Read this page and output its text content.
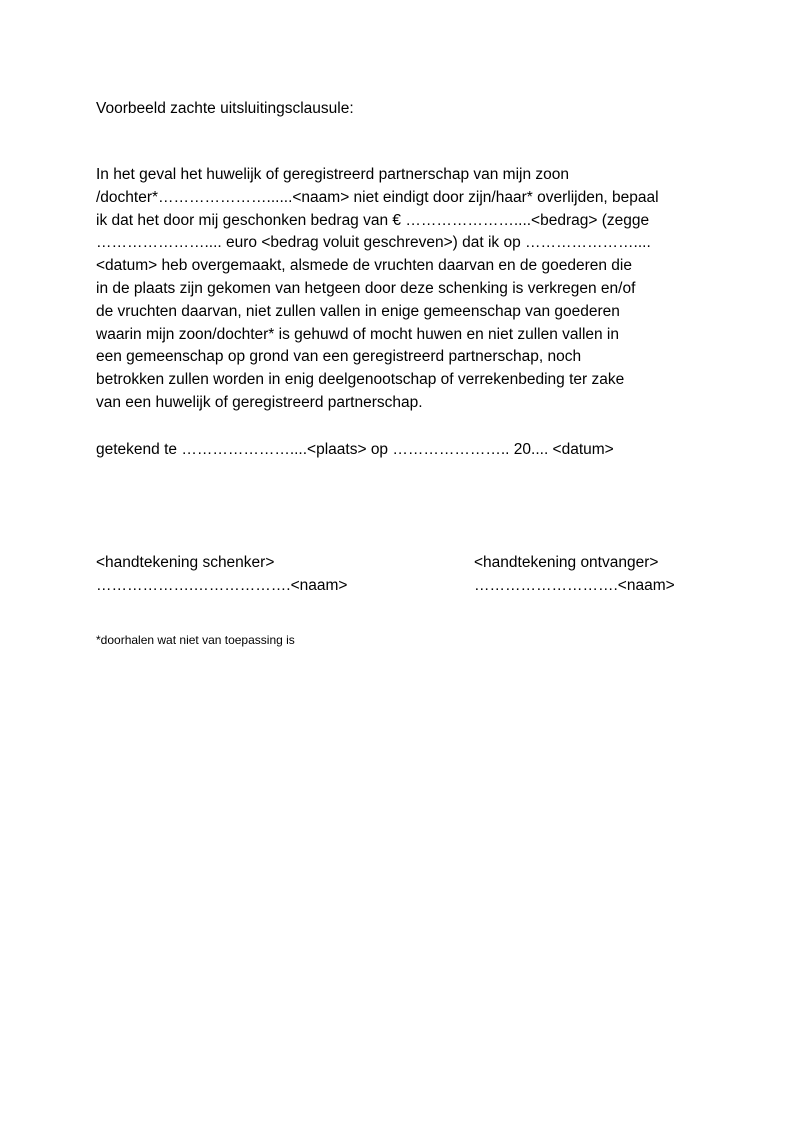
Voorbeeld zachte uitsluitingsclausule:
In het geval het huwelijk of geregistreerd partnerschap van mijn zoon
/dochter*…………………......<naam> niet eindigt door zijn/haar* overlijden, bepaal
ik dat het door mij geschonken bedrag van € …………………....<bedrag> (zegge
………………….... euro <bedrag voluit geschreven>) dat ik op …………………....
<datum> heb overgemaakt, alsmede de vruchten daarvan en de goederen die
in de plaats zijn gekomen van hetgeen door deze schenking is verkregen en/of
de vruchten daarvan, niet zullen vallen in enige gemeenschap van goederen
waarin mijn zoon/dochter* is gehuwd of mocht huwen en niet zullen vallen in
een gemeenschap op grond van een geregistreerd partnerschap, noch
betrokken zullen worden in enig deelgenootschap of verrekenbeding ter zake
van een huwelijk of geregistreerd partnerschap.
getekend te …………………....<plaats> op ………………….. 20.... <datum>
<handtekening schenker>
……………….……………….<naam>
<handtekening ontvanger>
……………………….<naam>
*doorhalen wat niet van toepassing is
